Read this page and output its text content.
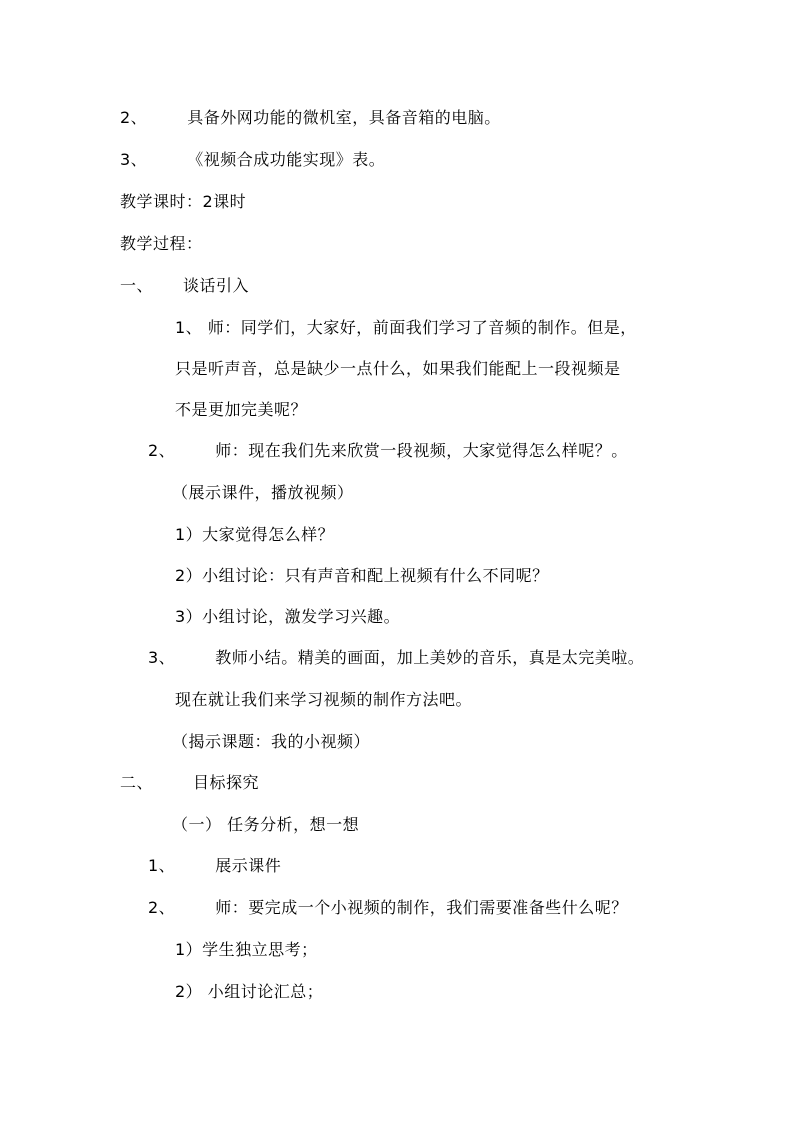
2、	具备外网功能的微机室，具备音箱的电脑。
3、	《视频合成功能实现》表。
教学课时：2课时
教学过程：
一、 谈话引入
1、 师：同学们，大家好，前面我们学习了音频的制作。但是，
只是听声音，总是缺少一点什么，如果我们能配上一段视频是
不是更加完美呢？
2、	师：现在我们先来欣赏一段视频，大家觉得怎么样呢？。
（展示课件，播放视频）
1）大家觉得怎么样？
2）小组讨论：只有声音和配上视频有什么不同呢？
3）小组讨论，激发学习兴趣。
3、	教师小结。精美的画面，加上美妙的音乐，真是太完美啦。
现在就让我们来学习视频的制作方法吧。
（揭示课题：我的小视频）
二、	目标探究
（一） 任务分析，想一想
1、	展示课件
2、	师：要完成一个小视频的制作，我们需要准备些什么呢？
1）学生独立思考；
2） 小组讨论汇总；
